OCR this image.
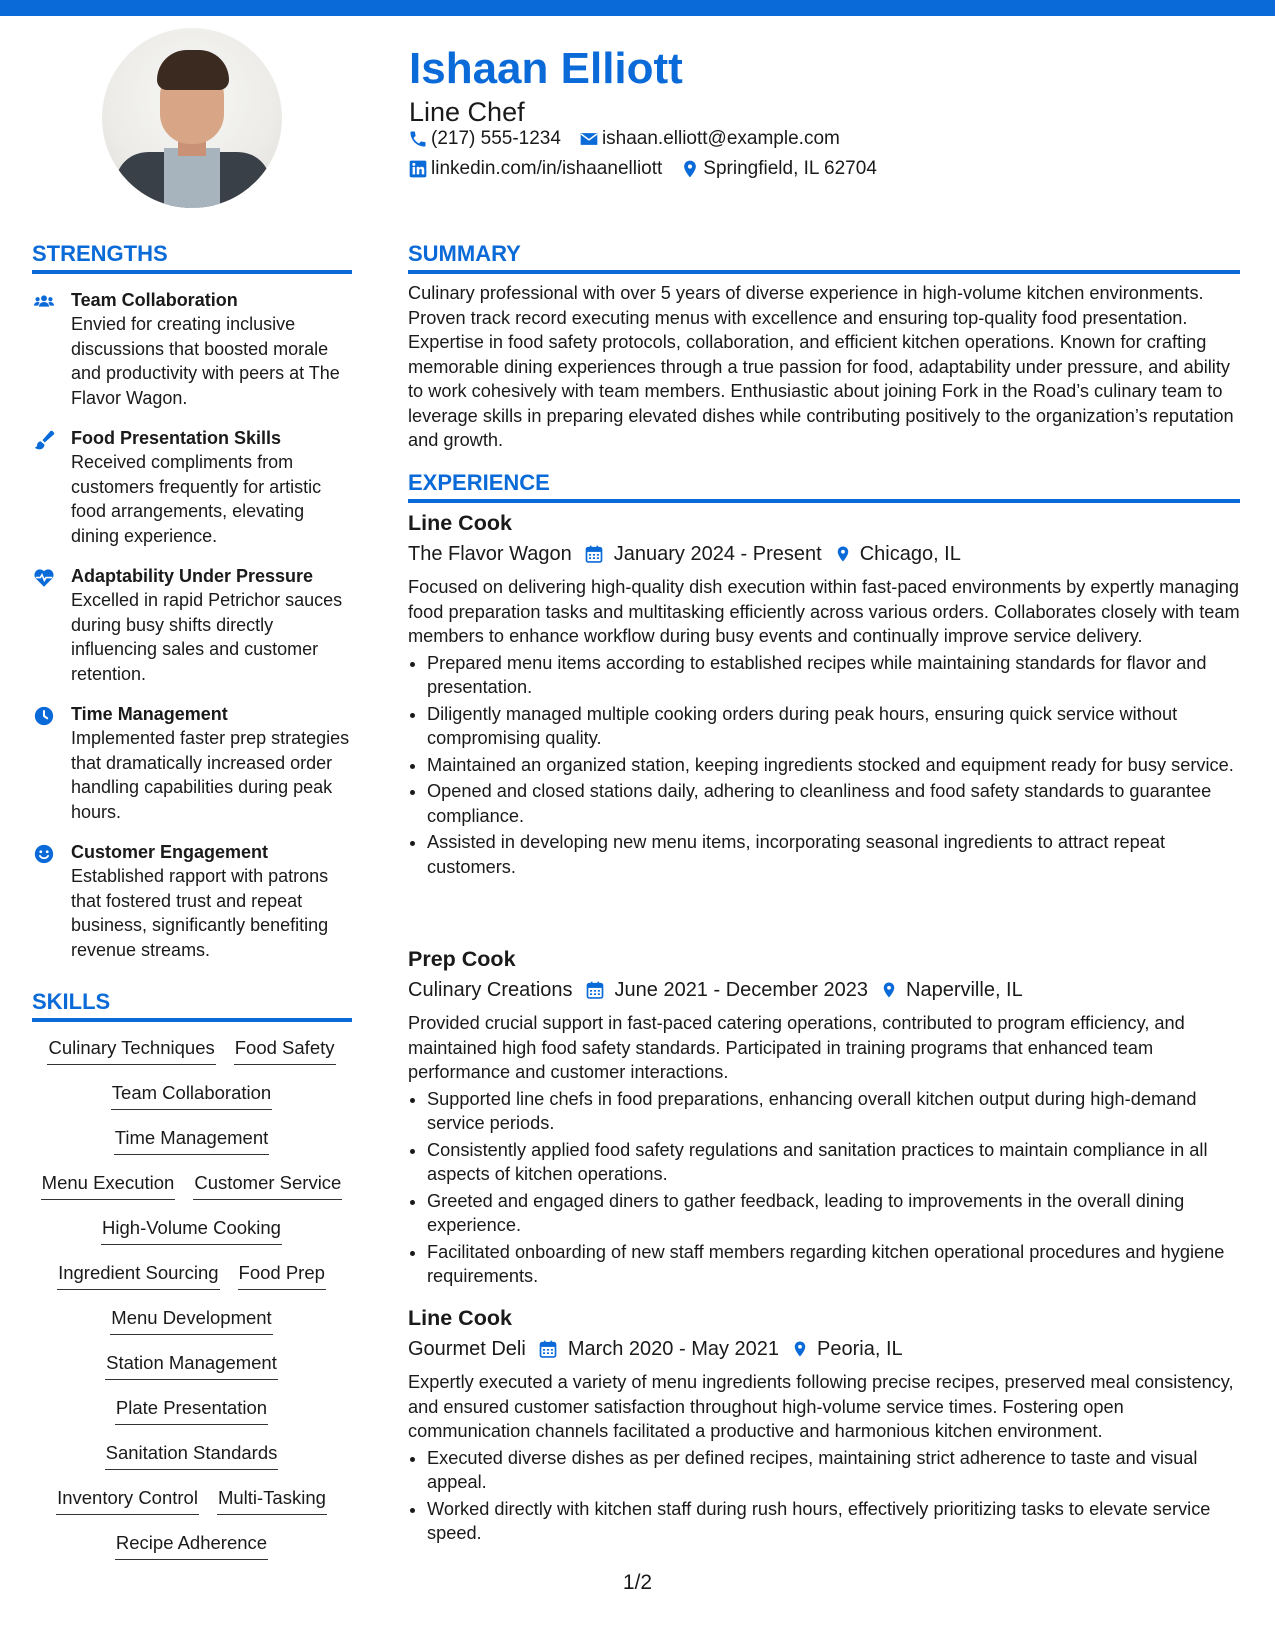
Ishaan Elliott
Line Chef
(217) 555-1234 ishaan.elliott@example.com
linkedin.com/in/ishaanelliott Springfield, IL 62704
STRENGTHS
Team Collaboration
Envied for creating inclusive discussions that boosted morale and productivity with peers at The Flavor Wagon.
Food Presentation Skills
Received compliments from customers frequently for artistic food arrangements, elevating dining experience.
Adaptability Under Pressure
Excelled in rapid Petrichor sauces during busy shifts directly influencing sales and customer retention.
Time Management
Implemented faster prep strategies that dramatically increased order handling capabilities during peak hours.
Customer Engagement
Established rapport with patrons that fostered trust and repeat business, significantly benefiting revenue streams.
SKILLS
Culinary Techniques Food Safety
Team Collaboration
Time Management
Menu Execution Customer Service
High-Volume Cooking
Ingredient Sourcing Food Prep
Menu Development
Station Management
Plate Presentation
Sanitation Standards
Inventory Control Multi-Tasking
Recipe Adherence
SUMMARY
Culinary professional with over 5 years of diverse experience in high-volume kitchen environments. Proven track record executing menus with excellence and ensuring top-quality food presentation. Expertise in food safety protocols, collaboration, and efficient kitchen operations. Known for crafting memorable dining experiences through a true passion for food, adaptability under pressure, and ability to work cohesively with team members. Enthusiastic about joining Fork in the Road’s culinary team to leverage skills in preparing elevated dishes while contributing positively to the organization’s reputation and growth.
EXPERIENCE
Line Cook
The Flavor Wagon January 2024 - Present Chicago, IL
Focused on delivering high-quality dish execution within fast-paced environments by expertly managing food preparation tasks and multitasking efficiently across various orders. Collaborates closely with team members to enhance workflow during busy events and continually improve service delivery.
• Prepared menu items according to established recipes while maintaining standards for flavor and presentation.
• Diligently managed multiple cooking orders during peak hours, ensuring quick service without compromising quality.
• Maintained an organized station, keeping ingredients stocked and equipment ready for busy service.
• Opened and closed stations daily, adhering to cleanliness and food safety standards to guarantee compliance.
• Assisted in developing new menu items, incorporating seasonal ingredients to attract repeat customers.
Prep Cook
Culinary Creations June 2021 - December 2023 Naperville, IL
Provided crucial support in fast-paced catering operations, contributed to program efficiency, and maintained high food safety standards. Participated in training programs that enhanced team performance and customer interactions.
• Supported line chefs in food preparations, enhancing overall kitchen output during high-demand service periods.
• Consistently applied food safety regulations and sanitation practices to maintain compliance in all aspects of kitchen operations.
• Greeted and engaged diners to gather feedback, leading to improvements in the overall dining experience.
• Facilitated onboarding of new staff members regarding kitchen operational procedures and hygiene requirements.
Line Cook
Gourmet Deli March 2020 - May 2021 Peoria, IL
Expertly executed a variety of menu ingredients following precise recipes, preserved meal consistency, and ensured customer satisfaction throughout high-volume service times. Fostering open communication channels facilitated a productive and harmonious kitchen environment.
• Executed diverse dishes as per defined recipes, maintaining strict adherence to taste and visual appeal.
• Worked directly with kitchen staff during rush hours, effectively prioritizing tasks to elevate service speed.
1/2
